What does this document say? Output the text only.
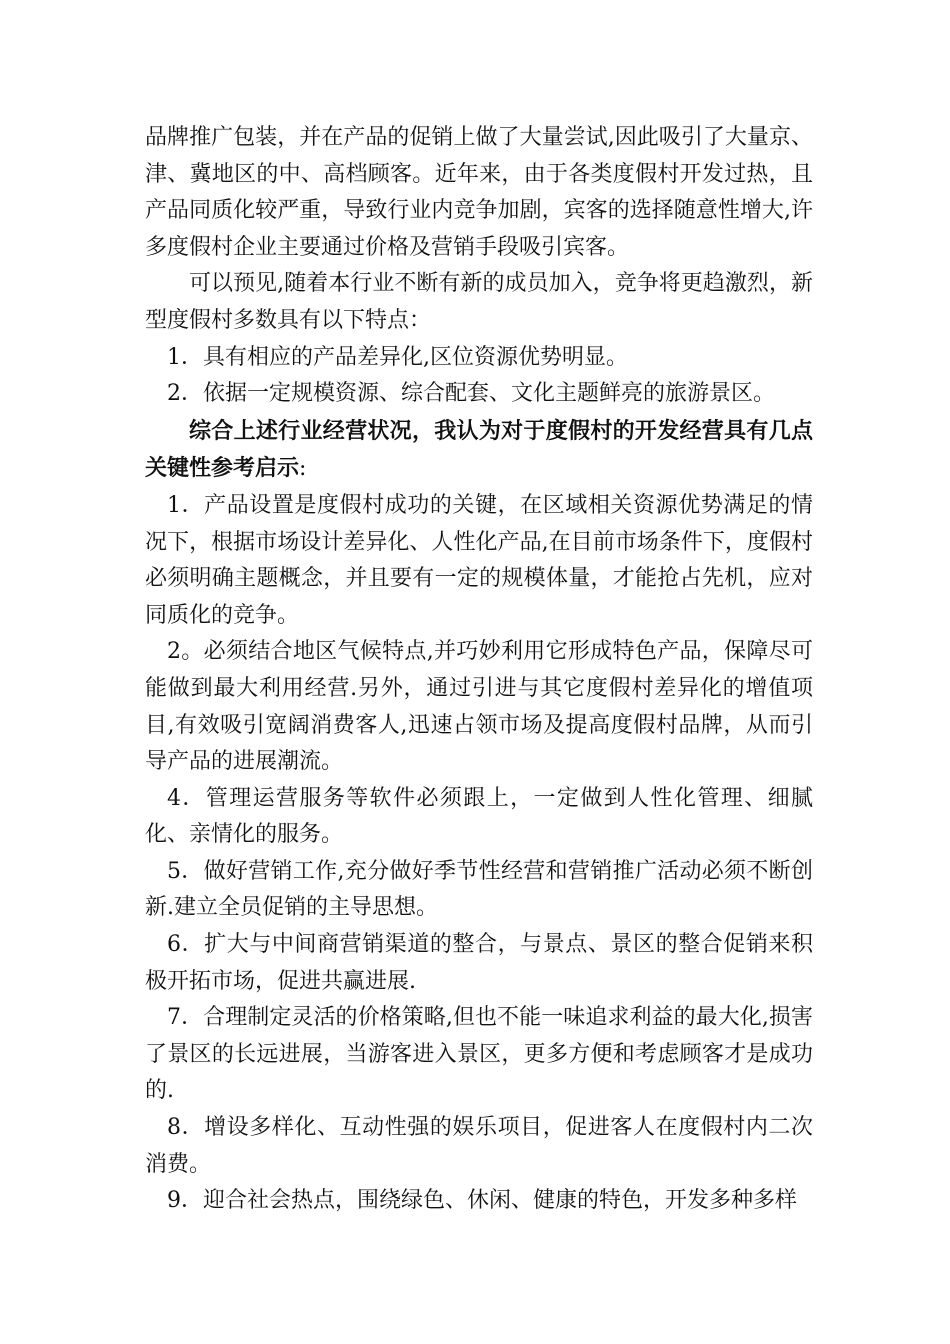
品牌推广包装，并在产品的促销上做了大量尝试,因此吸引了大量京、津、冀地区的中、高档顾客。近年来，由于各类度假村开发过热，且产品同质化较严重，导致行业内竞争加剧，宾客的选择随意性增大,许多度假村企业主要通过价格及营销手段吸引宾客。

可以预见,随着本行业不断有新的成员加入，竞争将更趋激烈，新型度假村多数具有以下特点：

1．具有相应的产品差异化,区位资源优势明显。

2．依据一定规模资源、综合配套、文化主题鲜亮的旅游景区。

综合上述行业经营状况，我认为对于度假村的开发经营具有几点关键性参考启示:

1．产品设置是度假村成功的关键，在区域相关资源优势满足的情况下，根据市场设计差异化、人性化产品,在目前市场条件下，度假村必须明确主题概念，并且要有一定的规模体量，才能抢占先机，应对同质化的竞争。

2。必须结合地区气候特点,并巧妙利用它形成特色产品，保障尽可能做到最大利用经营.另外，通过引进与其它度假村差异化的增值项目,有效吸引宽阔消费客人,迅速占领市场及提高度假村品牌，从而引导产品的进展潮流。

4．管理运营服务等软件必须跟上，一定做到人性化管理、细腻化、亲情化的服务。

5．做好营销工作,充分做好季节性经营和营销推广活动必须不断创新.建立全员促销的主导思想。

6．扩大与中间商营销渠道的整合，与景点、景区的整合促销来积极开拓市场，促进共赢进展.

7．合理制定灵活的价格策略,但也不能一味追求利益的最大化,损害了景区的长远进展，当游客进入景区，更多方便和考虑顾客才是成功的.

8．增设多样化、互动性强的娱乐项目，促进客人在度假村内二次消费。

9．迎合社会热点，围绕绿色、休闲、健康的特色，开发多种多样
